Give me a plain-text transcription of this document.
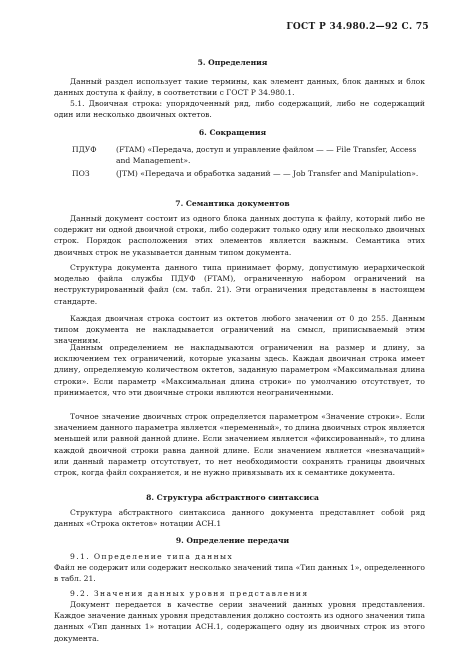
ГОСТ Р 34.980.2—92 С. 75
5. Определения

Данный раздел использует такие термины, как элемент данных, блок данных и блок данных доступа к файлу, в соответствии с ГОСТ Р 34.980.1.

5.1. Двоичная строка: упорядоченный ряд, либо содержащий, либо не содержащий один или несколько двоичных октетов.

6. Сокращения
ПДУФ	(FTAM) «Передача, доступ и управление файлом — — File Transfer, Access and Management».
ПОЗ	(JTM) «Передача и обработка заданий — — Job Transfer and Manipulation».
7. Семантика документов

Данный документ состоит из одного блока данных доступа к файлу, который либо не содержит ни одной двоичной строки, либо содержит только одну или несколько двоичных строк. Порядок расположения этих элементов является важным. Семантика этих двоичных строк не указывается данным типом документа.

Структура документа данного типа принимает форму, допустимую иерархической моделью файла службы ПДУФ (FTAM), ограниченную набором ограничений на неструктурированный файл (см. табл. 21). Эти ограничения представлены в настоящем стандарте.

Каждая двоичная строка состоит из октетов любого значения от 0 до 255. Данным типом документа не накладывается ограничений на смысл, приписываемый этим значениям.

Данным определением не накладываются ограничения на размер и длину, за исключением тех ограничений, которые указаны здесь. Каждая двоичная строка имеет длину, определяемую количеством октетов, заданную параметром «Максимальная длина строки». Если параметр «Максимальная длина строки» по умолчанию отсутствует, то принимается, что эти двоичные строки являются неограниченными.

Точное значение двоичных строк определяется параметром «Значение строки». Если значением данного параметра является «переменный», то длина двоичных строк является меньшей или равной данной длине. Если значением является «фиксированный», то длина каждой двоичной строки равна данной длине. Если значением является «незначащий» или данный параметр отсутствует, то нет необходимости сохранять границы двоичных строк, когда файл сохраняется, и не нужно привязывать их к семантике документа.

8. Структура абстрактного синтаксиса

Структура абстрактного синтаксиса данного документа представляет собой ряд данных «Строка октетов» нотации АСН.1

9. Определение передачи

9.1. Определение типа данных

Файл не содержит или содержит несколько значений типа «Тип данных 1», определенного в табл. 21.

9.2. Значения данных уровня представления

Документ передается в качестве серии значений данных уровня представления. Каждое значение данных уровня представления должно состоять из одного значения типа данных «Тип данных 1» нотации АСН.1, содержащего одну из двоичных строк из этого документа.
